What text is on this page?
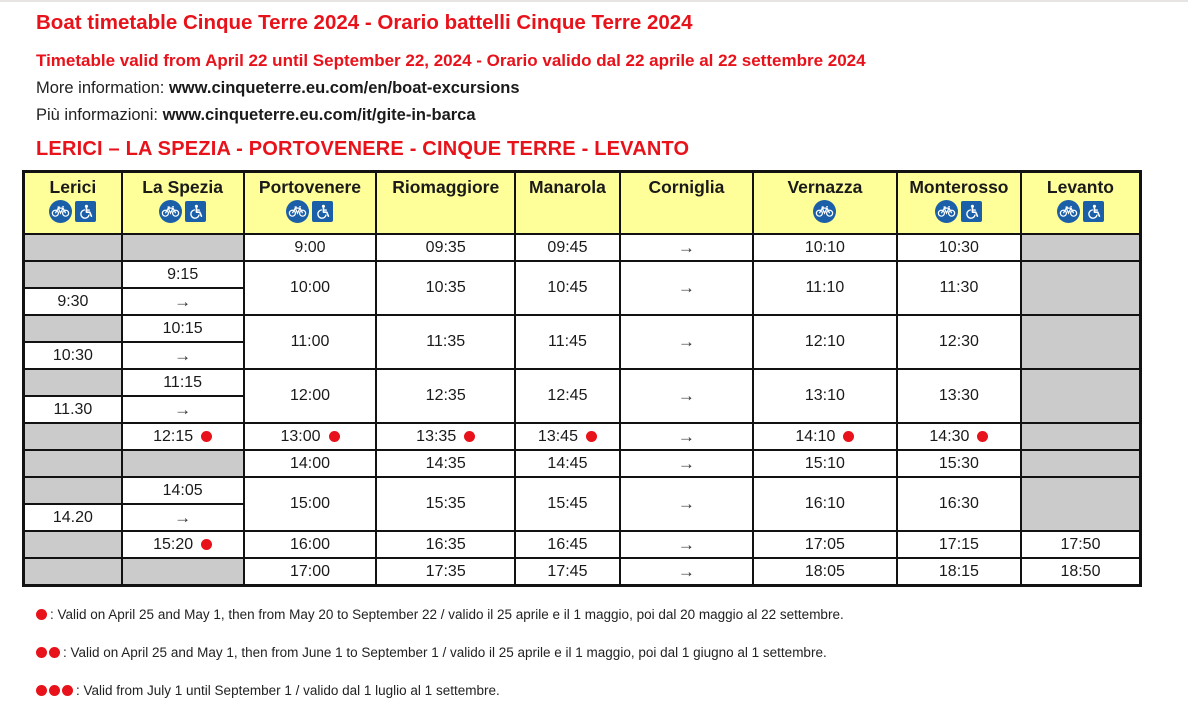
Boat timetable Cinque Terre 2024 - Orario battelli Cinque Terre 2024
Timetable valid from April 22 until September 22, 2024 - Orario valido dal 22 aprile al 22 settembre 2024
More information: www.cinqueterre.eu.com/en/boat-excursions
Più informazioni: www.cinqueterre.eu.com/it/gite-in-barca
LERICI – LA SPEZIA - PORTOVENERE - CINQUE TERRE - LEVANTO
Lerici	La Spezia	Portovenere	Riomaggiore	Manarola	Corniglia	Vernazza	Monterosso	Levanto

		9:00	09:35	09:45	→	10:10	10:30	
	9:15	10:00	10:35	10:45	→	11:10	11:30	
9:30	→							
	10:15	11:00	11:35	11:45	→	12:10	12:30	
10:30	→							
	11:15	12:00	12:35	12:45	→	13:10	13:30	
11.30	→							
	12:15	13:00	13:35	13:45	→	14:10	14:30	
		14:00	14:35	14:45	→	15:10	15:30	
	14:05	15:00	15:35	15:45	→	16:10	16:30	
14.20	→							
	15:20	16:00	16:35	16:45	→	17:05	17:15	17:50
		17:00	17:35	17:45	→	18:05	18:15	18:50
: Valid on April 25 and May 1, then from May 20 to September 22 / valido il 25 aprile e il 1 maggio, poi dal 20 maggio al 22 settembre.
: Valid on April 25 and May 1, then from June 1 to September 1 / valido il 25 aprile e il 1 maggio, poi dal 1 giugno al 1 settembre.
: Valid from July 1 until September 1 / valido dal 1 luglio al 1 settembre.
